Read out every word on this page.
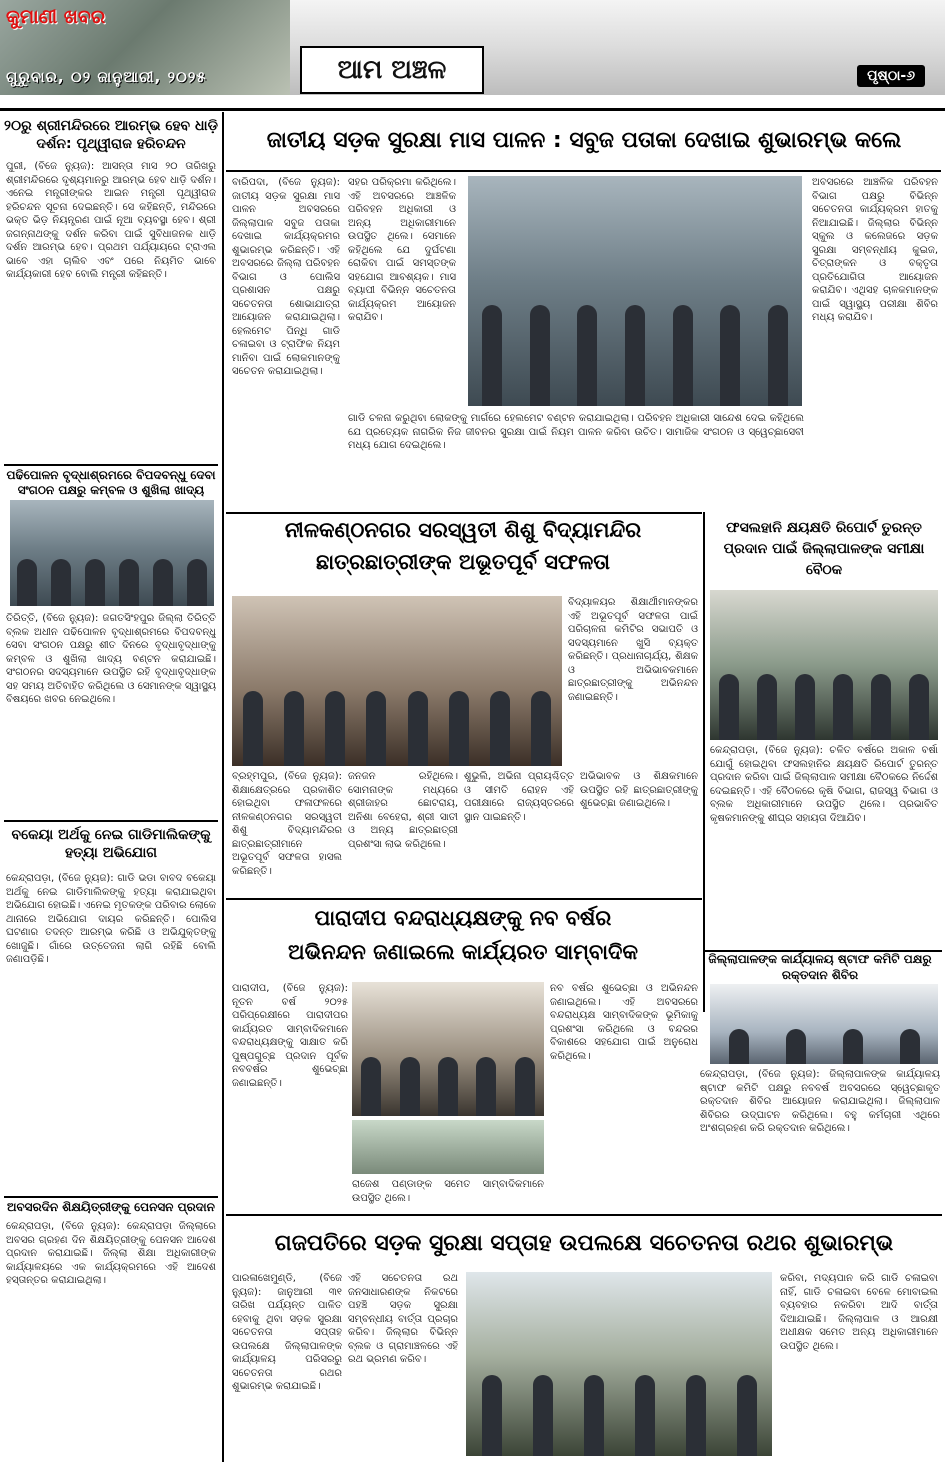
କୁମାଣୀ ଖବର
ଗୁରୁବାର, ୦୨ ଜାନୁଆରୀ, ୨୦୨୫	ଆମ ଅଞ୍ଚଳ	ପୃଷ୍ଠା-୬
୨୦ରୁ ଶ୍ରୀମନ୍ଦିରରେ ଆରମ୍ଭ ହେବ ଧାଡ଼ି ଦର୍ଶନ: ପୃଥ୍ୱୀରାଜ ହରିଚନ୍ଦନ
ପୁରୀ, (ବିଜେ ନ୍ୟୁଜ): ଆସନ୍ତା ମାସ ୨୦ ତାରିଖରୁ ଶ୍ରୀମନ୍ଦିରରେ ଦୃଶ୍ୟମାନରୁ ଆରମ୍ଭ ହେବ ଧାଡ଼ି ଦର୍ଶନ। ଏନେଇ ମନ୍ତ୍ରୀଙ୍କର ଆଇନ ମନ୍ତ୍ରୀ ପୃଥ୍ୱୀରାଜ ହରିଚନ୍ଦନ ସୂଚନା ଦେଇଛନ୍ତି। ସେ କହିଛନ୍ତି, ମନ୍ଦିରରେ ଭକ୍ତ ଭିଡ଼ ନିୟନ୍ତ୍ରଣ ପାଇଁ ନୂଆ ବ୍ୟବସ୍ଥା ହେବ। ଶ୍ରୀ ଜଗନ୍ନାଥଙ୍କୁ ଦର୍ଶନ କରିବା ପାଇଁ ସୁବିଧାଜନକ ଧାଡ଼ି ଦର୍ଶନ ଆରମ୍ଭ ହେବ। ପ୍ରଥମ ପର୍ଯ୍ୟାୟରେ ଟ୍ରାଏଲ ଭାବେ ଏହା ଚାଲିବ ଏବଂ ପରେ ନିୟମିତ ଭାବେ କାର୍ଯ୍ୟକାରୀ ହେବ ବୋଲି ମନ୍ତ୍ରୀ କହିଛନ୍ତି।
ପଢିପୋଳନ ବୃଦ୍ଧାଶ୍ରମରେ ବିପଦବନ୍ଧୁ ଦେବା ସଂଗଠନ ପକ୍ଷରୁ କମ୍ବଳ ଓ ଶୁଖିଲା ଖାଦ୍ୟ
ତିରିତ୍ତି, (ବିଜେ ନ୍ୟୁଜ): ଜଗତସିଂହପୁର ଜିଲ୍ଲା ତିରିତ୍ତି ବ୍ଲକ ଅଧୀନ ପଢିପୋଳନ ବୃଦ୍ଧାଶ୍ରମରେ ବିପଦବନ୍ଧୁ ସେବା ସଂଗଠନ ପକ୍ଷରୁ ଶୀତ ଦିନରେ ବୃଦ୍ଧାବୃଦ୍ଧାଙ୍କୁ କମ୍ବଳ ଓ ଶୁଖିଲା ଖାଦ୍ୟ ବଣ୍ଟନ କରାଯାଇଛି। ସଂଗଠନର ସଦସ୍ୟମାନେ ଉପସ୍ଥିତ ରହି ବୃଦ୍ଧାବୃଦ୍ଧାଙ୍କ ସହ ସମୟ ଅତିବାହିତ କରିଥିଲେ ଓ ସେମାନଙ୍କ ସ୍ୱାସ୍ଥ୍ୟ ବିଷୟରେ ଖବର ନେଇଥିଲେ।
ବକେୟା ଅର୍ଥକୁ ନେଇ ଗାଡିମାଲିକଙ୍କୁ ହତ୍ୟା ଅଭିଯୋଗ
କେନ୍ଦ୍ରାପଡ଼ା, (ବିଜେ ନ୍ୟୁଜ): ଗାଡି ଭଡା ବାବଦ ବକେୟା ଅର୍ଥକୁ ନେଇ ଗାଡିମାଲିକଙ୍କୁ ହତ୍ୟା କରାଯାଇଥିବା ଅଭିଯୋଗ ହୋଇଛି। ଏନେଇ ମୃତକଙ୍କ ପରିବାର ଲୋକେ ଥାନାରେ ଅଭିଯୋଗ ଦାୟର କରିଛନ୍ତି। ପୋଲିସ ଘଟଣାର ତଦନ୍ତ ଆରମ୍ଭ କରିଛି ଓ ଅଭିଯୁକ୍ତଙ୍କୁ ଖୋଜୁଛି। ଗାଁରେ ଉତ୍ତେଜନା ଲାଗି ରହିଛି ବୋଲି ଜଣାପଡ଼ିଛି।
ଅବସରଦିନ ଶିକ୍ଷୟିତ୍ରୀଙ୍କୁ ପେନସନ ପ୍ରଦାନ
କେନ୍ଦ୍ରାପଡ଼ା, (ବିଜେ ନ୍ୟୁଜ): କେନ୍ଦ୍ରାପଡ଼ା ଜିଲ୍ଲାରେ ଅବସର ଗ୍ରହଣ ଦିନ ଶିକ୍ଷୟିତ୍ରୀଙ୍କୁ ପେନସନ ଆଦେଶ ପ୍ରଦାନ କରାଯାଇଛି। ଜିଲ୍ଲା ଶିକ୍ଷା ଅଧିକାରୀଙ୍କ କାର୍ଯ୍ୟାଳୟରେ ଏକ କାର୍ଯ୍ୟକ୍ରମରେ ଏହି ଆଦେଶ ହସ୍ତାନ୍ତର କରାଯାଇଥିଲା।
ଜାତୀୟ ସଡ଼କ ସୁରକ୍ଷା ମାସ ପାଳନ : ସବୁଜ ପତାକା ଦେଖାଇ ଶୁଭାରମ୍ଭ କଲେ
ବାରିପଦା, (ବିଜେ ନ୍ୟୁଜ): ଜାତୀୟ ସଡ଼କ ସୁରକ୍ଷା ମାସ ପାଳନ ଅବସରରେ ଜିଲ୍ଲାପାଳ ସବୁଜ ପତାକା ଦେଖାଇ କାର୍ଯ୍ୟକ୍ରମର ଶୁଭାରମ୍ଭ କରିଛନ୍ତି। ଏହି ଅବସରରେ ଜିଲ୍ଲା ପରିବହନ ବିଭାଗ ଓ ପୋଲିସ ପ୍ରଶାସନ ପକ୍ଷରୁ ସଚେତନତା ଶୋଭାଯାତ୍ରା ଆୟୋଜନ କରାଯାଇଥିଲା। ହେଲମେଟ ପିନ୍ଧି ଗାଡି ଚଳାଇବା ଓ ଟ୍ରାଫିକ ନିୟମ ମାନିବା ପାଇଁ ଲୋକମାନଙ୍କୁ ସଚେତନ କରାଯାଇଥିଲା।
ସହର ପରିକ୍ରମା କରିଥିଲେ। ଏହି ଅବସରରେ ଆଞ୍ଚଳିକ ପରିବହନ ଅଧିକାରୀ ଓ ଅନ୍ୟ ଅଧିକାରୀମାନେ ଉପସ୍ଥିତ ଥିଲେ। ସେମାନେ କହିଥିଲେ ଯେ ଦୁର୍ଘଟଣା ରୋକିବା ପାଇଁ ସମସ୍ତଙ୍କ ସହଯୋଗ ଆବଶ୍ୟକ। ମାସ ବ୍ୟାପୀ ବିଭିନ୍ନ ସଚେତନତା କାର୍ଯ୍ୟକ୍ରମ ଆୟୋଜନ କରାଯିବ।
ଅବସରରେ ଆଞ୍ଚଳିକ ପରିବହନ ବିଭାଗ ପକ୍ଷରୁ ବିଭିନ୍ନ ସଚେତନତା କାର୍ଯ୍ୟକ୍ରମ ହାତକୁ ନିଆଯାଇଛି। ଜିଲ୍ଲାର ବିଭିନ୍ନ ସ୍କୁଲ ଓ କଲେଜରେ ସଡ଼କ ସୁରକ୍ଷା ସମ୍ବନ୍ଧୀୟ କୁଇଜ, ଚିତ୍ରାଙ୍କନ ଓ ବକ୍ତୃତା ପ୍ରତିଯୋଗିତା ଆୟୋଜନ କରାଯିବ। ଏଥିସହ ଚାଳକମାନଙ୍କ ପାଇଁ ସ୍ୱାସ୍ଥ୍ୟ ପରୀକ୍ଷା ଶିବିର ମଧ୍ୟ କରାଯିବ।
ଗାଡି ଚଳନା କରୁଥିବା ଲୋକଙ୍କୁ ମାର୍ଗରେ ହେଲମେଟ ବଣ୍ଟନ କରାଯାଇଥିଲା। ପରିବହନ ଅଧିକାରୀ ସାନ୍ଦେଶ ଦେଇ କହିଥିଲେ ଯେ ପ୍ରତ୍ୟେକ ନାଗରିକ ନିଜ ଜୀବନର ସୁରକ୍ଷା ପାଇଁ ନିୟମ ପାଳନ କରିବା ଉଚିତ। ସାମାଜିକ ସଂଗଠନ ଓ ସ୍ୱେଚ୍ଛାସେବୀ ମଧ୍ୟ ଯୋଗ ଦେଇଥିଲେ।
ନୀଳକଣ୍ଠନଗର ସରସ୍ୱତୀ ଶିଶୁ ବିଦ୍ୟାମନ୍ଦିର
ଛାତ୍ରଛାତ୍ରୀଙ୍କ ଅଭୂତପୂର୍ବ ସଫଳତା
ବିଦ୍ୟାଳୟର ଶିକ୍ଷାର୍ଥୀମାନଙ୍କର ଏହି ଅଭୂତପୂର୍ବ ସଫଳତା ପାଇଁ ପରିଚାଳନା କମିଟିର ସଭାପତି ଓ ସଦସ୍ୟମାନେ ଖୁସି ବ୍ୟକ୍ତ କରିଛନ୍ତି। ପ୍ରଧାନାଚାର୍ଯ୍ୟ, ଶିକ୍ଷକ ଓ ଅଭିଭାବକମାନେ ଛାତ୍ରଛାତ୍ରୀଙ୍କୁ ଅଭିନନ୍ଦନ ଜଣାଇଛନ୍ତି।
ବ୍ରହ୍ମପୁର, (ବିଜେ ନ୍ୟୁଜ): ଶିକ୍ଷାକ୍ଷେତ୍ରରେ ପ୍ରକାଶିତ ହୋଇଥିବା ଫଳାଫଳରେ ନୀଳକଣ୍ଠନଗର ସରସ୍ୱତୀ ଶିଶୁ ବିଦ୍ୟାମନ୍ଦିରର ଛାତ୍ରଛାତ୍ରୀମାନେ ଅଭୂତପୂର୍ବ ସଫଳତା ହାସଲ କରିଛନ୍ତି।
ଜନଜନ ରହିଥିଲେ। ସୋମନାଙ୍କ ମଧ୍ୟରେ ଶ୍ରୀଜାହର ଛୋଟରାୟ, ଅନିଶା ବେହେରା, ଶ୍ରୀ ସାତୀ ଓ ଅନ୍ୟ ଛାତ୍ରଛାତ୍ରୀ ପ୍ରଶଂସା ଲାଭ କରିଥିଲେ।
ଶୁଭୁଲି, ଅଭିନା ପ୍ରାୟଶ୍ଚିତ୍ତ ଓ ସୀମତି ରୋହନ ଏହି ପରୀକ୍ଷାରେ ରାଜ୍ୟସ୍ତରରେ ସ୍ଥାନ ପାଇଛନ୍ତି।
ଅଭିଭାବକ ଓ ଶିକ୍ଷକମାନେ ଉପସ୍ଥିତ ରହି ଛାତ୍ରଛାତ୍ରୀଙ୍କୁ ଶୁଭେଚ୍ଛା ଜଣାଇଥିଲେ।
ଫସଲହାନି କ୍ଷୟକ୍ଷତି ରିପୋର୍ଟ ତୁରନ୍ତ ପ୍ରଦାନ ପାଇଁ ଜିଲ୍ଲାପାଳଙ୍କ ସମୀକ୍ଷା ବୈଠକ
କେନ୍ଦ୍ରାପଡ଼ା, (ବିଜେ ନ୍ୟୁଜ): ଚଳିତ ବର୍ଷରେ ଅକାଳ ବର୍ଷା ଯୋଗୁଁ ହୋଇଥିବା ଫସଲହାନିର କ୍ଷୟକ୍ଷତି ରିପୋର୍ଟ ତୁରନ୍ତ ପ୍ରଦାନ କରିବା ପାଇଁ ଜିଲ୍ଲାପାଳ ସମୀକ୍ଷା ବୈଠକରେ ନିର୍ଦ୍ଦେଶ ଦେଇଛନ୍ତି। ଏହି ବୈଠକରେ କୃଷି ବିଭାଗ, ରାଜସ୍ୱ ବିଭାଗ ଓ ବ୍ଲକ ଅଧିକାରୀମାନେ ଉପସ୍ଥିତ ଥିଲେ। ପ୍ରଭାବିତ କୃଷକମାନଙ୍କୁ ଶୀଘ୍ର ସହାୟତା ଦିଆଯିବ।
ପାରାଦୀପ ବନ୍ଦରାଧ୍ୟକ୍ଷଙ୍କୁ ନବ ବର୍ଷର
ଅଭିନନ୍ଦନ ଜଣାଇଲେ କାର୍ଯ୍ୟରତ ସାମ୍ବାଦିକ
ପାରାଦୀପ, (ବିଜେ ନ୍ୟୁଜ): ନୂତନ ବର୍ଷ ୨୦୨୫ ପରିପ୍ରେକ୍ଷୀରେ ପାରାଦୀପର କାର୍ଯ୍ୟରତ ସାମ୍ବାଦିକମାନେ ବନ୍ଦରାଧ୍ୟକ୍ଷଙ୍କୁ ସାକ୍ଷାତ କରି ପୁଷ୍ପଗୁଚ୍ଛ ପ୍ରଦାନ ପୂର୍ବକ ନବବର୍ଷର ଶୁଭେଚ୍ଛା ଜଣାଇଛନ୍ତି।
ରାଜେଶ ପଣ୍ଡାଙ୍କ ସମେତ ସାମ୍ବାଦିକମାନେ ଉପସ୍ଥିତ ଥିଲେ।
ନବ ବର୍ଷର ଶୁଭେଚ୍ଛା ଓ ଅଭିନନ୍ଦନ ଜଣାଇଥିଲେ। ଏହି ଅବସରରେ ବନ୍ଦରାଧ୍ୟକ୍ଷ ସାମ୍ବାଦିକଙ୍କ ଭୂମିକାକୁ ପ୍ରଶଂସା କରିଥିଲେ ଓ ବନ୍ଦରର ବିକାଶରେ ସହଯୋଗ ପାଇଁ ଅନୁରୋଧ କରିଥିଲେ।
ଜିଲ୍ଲାପାଳଙ୍କ କାର୍ଯ୍ୟାଳୟ ଷ୍ଟାଫ କମିଟି ପକ୍ଷରୁ ରକ୍ତଦାନ ଶିବିର
କେନ୍ଦ୍ରାପଡ଼ା, (ବିଜେ ନ୍ୟୁଜ): ଜିଲ୍ଲାପାଳଙ୍କ କାର୍ଯ୍ୟାଳୟ ଷ୍ଟାଫ କମିଟି ପକ୍ଷରୁ ନବବର୍ଷ ଅବସରରେ ସ୍ୱେଚ୍ଛାକୃତ ରକ୍ତଦାନ ଶିବିର ଆୟୋଜନ କରାଯାଇଥିଲା। ଜିଲ୍ଲାପାଳ ଶିବିରର ଉଦ୍‌ଘାଟନ କରିଥିଲେ। ବହୁ କର୍ମଚାରୀ ଏଥିରେ ଅଂଶଗ୍ରହଣ କରି ରକ୍ତଦାନ କରିଥିଲେ।
ଗଜପତିରେ ସଡ଼କ ସୁରକ୍ଷା ସପ୍ତାହ ଉପଲକ୍ଷେ ସଚେତନତା ରଥର ଶୁଭାରମ୍ଭ
ପାରଳାଖେମୁଣ୍ଡି, (ବିଜେ ନ୍ୟୁଜ): ଜାନୁଆରୀ ୩୧ ତାରିଖ ପର୍ଯ୍ୟନ୍ତ ପାଳିତ ହେବାକୁ ଥିବା ସଡ଼କ ସୁରକ୍ଷା ସଚେତନତା ସପ୍ତାହ ଉପଲକ୍ଷେ ଜିଲ୍ଲାପାଳଙ୍କ କାର୍ଯ୍ୟାଳୟ ପରିସରରୁ ସଚେତନତା ରଥର ଶୁଭାରମ୍ଭ କରାଯାଇଛି।
ଏହି ସଚେତନତା ରଥ ଜନସାଧାରଣଙ୍କ ନିକଟରେ ପହଞ୍ଚି ସଡ଼କ ସୁରକ୍ଷା ସମ୍ବନ୍ଧୀୟ ବାର୍ତ୍ତା ପ୍ରଚାର କରିବ। ଜିଲ୍ଲାର ବିଭିନ୍ନ ବ୍ଲକ ଓ ଗ୍ରାମାଞ୍ଚଳରେ ଏହି ରଥ ଭ୍ରମଣ କରିବ।
କରିବା, ମଦ୍ୟପାନ କରି ଗାଡି ଚଳାଇବା ନାହିଁ, ଗାଡି ଚଳାଇବା ବେଳେ ମୋବାଇଲ ବ୍ୟବହାର ନକରିବା ଆଦି ବାର୍ତ୍ତା ଦିଆଯାଇଛି। ଜିଲ୍ଲାପାଳ ଓ ଆରକ୍ଷୀ ଅଧୀକ୍ଷକ ସମେତ ଅନ୍ୟ ଅଧିକାରୀମାନେ ଉପସ୍ଥିତ ଥିଲେ।
